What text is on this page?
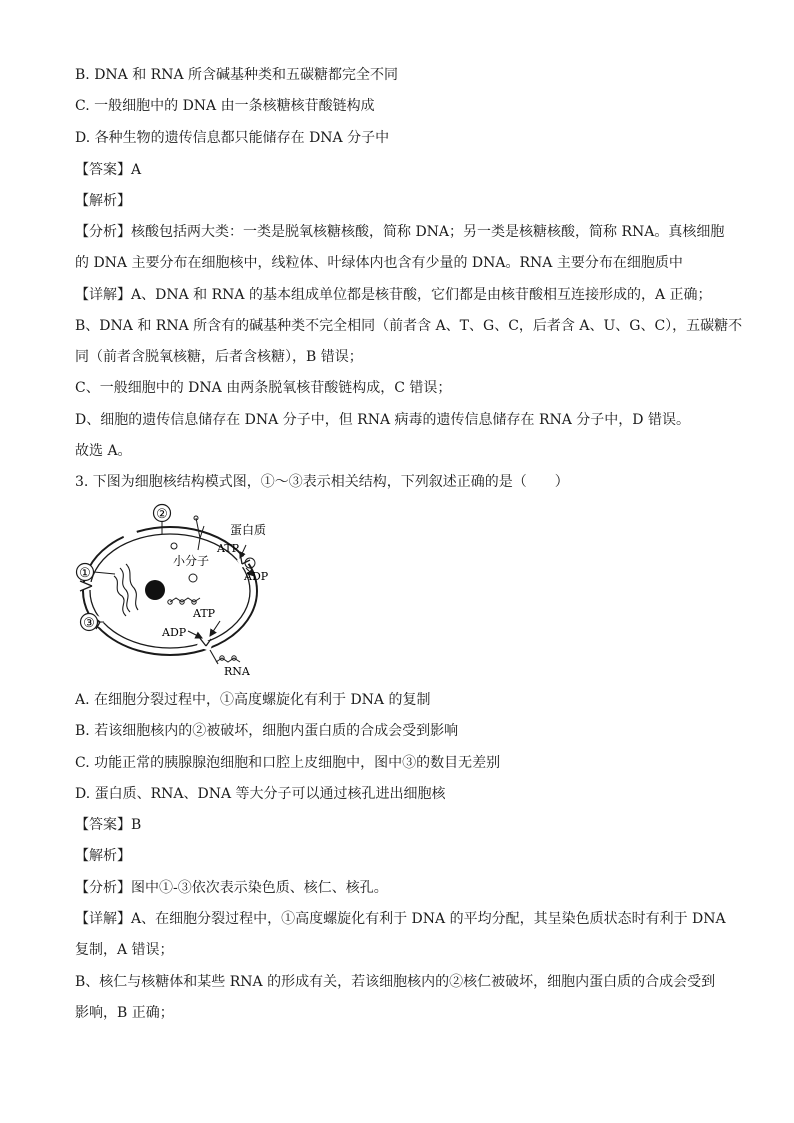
B. DNA 和 RNA 所含碱基种类和五碳糖都完全不同
C. 一般细胞中的 DNA 由一条核糖核苷酸链构成
D. 各种生物的遗传信息都只能储存在 DNA 分子中
【答案】A
【解析】
【分析】核酸包括两大类：一类是脱氧核糖核酸，简称 DNA；另一类是核糖核酸，简称 RNA。真核细胞
的 DNA 主要分布在细胞核中，线粒体、叶绿体内也含有少量的 DNA。RNA 主要分布在细胞质中
【详解】A、DNA 和 RNA 的基本组成单位都是核苷酸，它们都是由核苷酸相互连接形成的，A 正确；
B、DNA 和 RNA 所含有的碱基种类不完全相同（前者含 A、T、G、C，后者含 A、U、G、C），五碳糖不
同（前者含脱氧核糖，后者含核糖），B 错误；
C、一般细胞中的 DNA 由两条脱氧核苷酸链构成，C 错误；
D、细胞的遗传信息储存在 DNA 分子中，但 RNA 病毒的遗传信息储存在 RNA 分子中，D 错误。
故选 A。
3. 下图为细胞核结构模式图，①～③表示相关结构，下列叙述正确的是（　　）
②
①
③
蛋白质
ATP
小分子
ADP
ATP
ADP
RNA
A. 在细胞分裂过程中，①高度螺旋化有利于 DNA 的复制
B. 若该细胞核内的②被破坏，细胞内蛋白质的合成会受到影响
C. 功能正常的胰腺腺泡细胞和口腔上皮细胞中，图中③的数目无差别
D. 蛋白质、RNA、DNA 等大分子可以通过核孔进出细胞核
【答案】B
【解析】
【分析】图中①-③依次表示染色质、核仁、核孔。
【详解】A、在细胞分裂过程中，①高度螺旋化有利于 DNA 的平均分配，其呈染色质状态时有利于 DNA
复制，A 错误；
B、核仁与核糖体和某些 RNA 的形成有关，若该细胞核内的②核仁被破坏，细胞内蛋白质的合成会受到
影响，B 正确；
